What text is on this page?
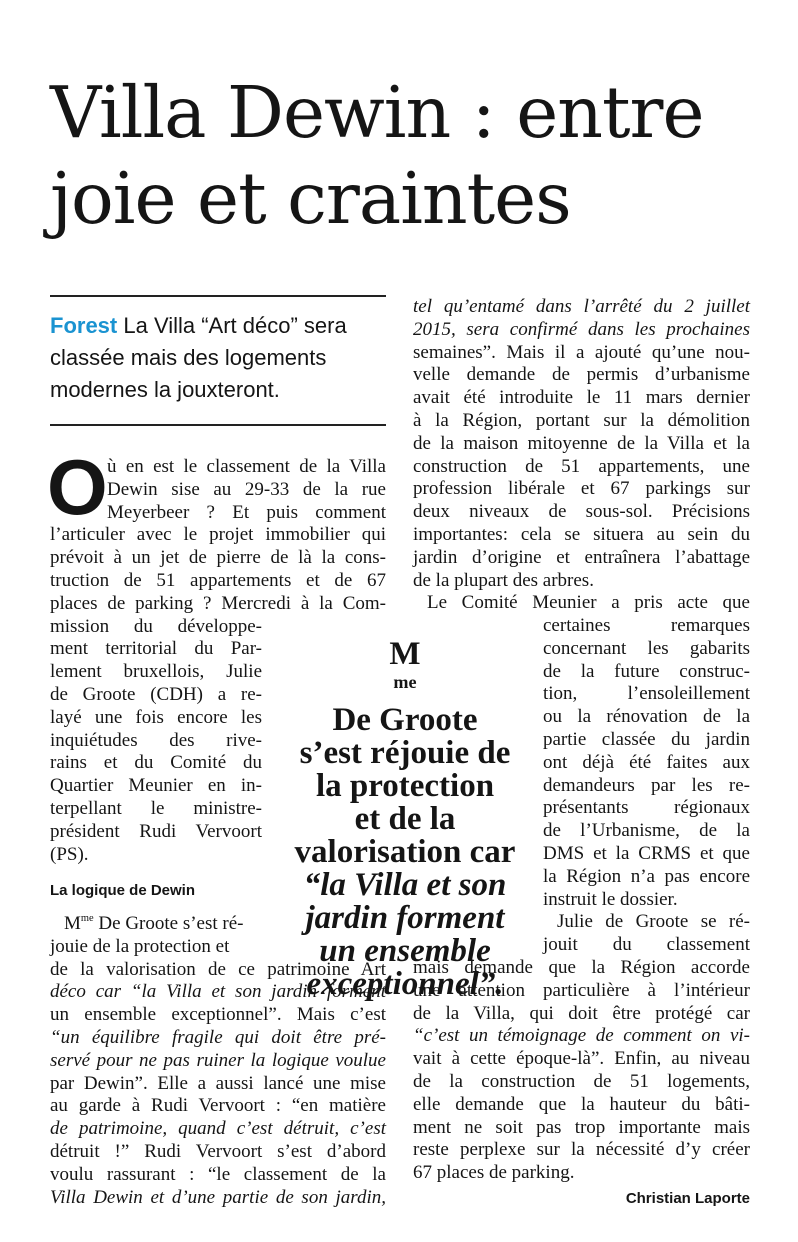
Villa Dewin : entre
joie et craintes
Forest La Villa “Art déco” sera
classée mais des logements
modernes la jouxteront.
O ù en est le classement de la Villa
Dewin sise au 29-33 de la rue
Meyerbeer ? Et puis comment
l’articuler avec le projet immobilier qui
prévoit à un jet de pierre de là la cons-
truction de 51 appartements et de 67
places de parking ? Mercredi à la Com-
mission du développe-
ment territorial du Par-
lement bruxellois, Julie
de Groote (CDH) a re-
layé une fois encore les
inquiétudes des rive-
rains et du Comité du
Quartier Meunier en in-
terpellant le ministre-
président Rudi Vervoort
(PS).
La logique de Dewin
$M^{me}$ De Groote s’est ré-
jouie de la protection et
de la valorisation de ce patrimoine Art
déco car “la Villa et son jardin forment
un ensemble exceptionnel”. Mais c’est
“un équilibre fragile qui doit être pré-
servé pour ne pas ruiner la logique voulue
par Dewin”. Elle a aussi lancé une mise
au garde à Rudi Vervoort : “en matière
de patrimoine, quand c’est détruit, c’est
détruit !” Rudi Vervoort s’est d’abord
voulu rassurant : “le classement de la
Villa Dewin et d’une partie de son jardin,
tel qu’entamé dans l’arrêté du 2 juillet
2015, sera confirmé dans les prochaines
semaines”. Mais il a ajouté qu’une nou-
velle demande de permis d’urbanisme
avait été introduite le 11 mars dernier
à la Région, portant sur la démolition
de la maison mitoyenne de la Villa et la
construction de 51 appartements, une
profession libérale et 67 parkings sur
deux niveaux de sous-sol. Précisions
importantes: cela se situera au sein du
jardin d’origine et entraînera l’abattage
de la plupart des arbres.
Le Comité Meunier a pris acte que
certaines remarques
concernant les gabarits
de la future construc-
tion, l’ensoleillement
ou la rénovation de la
partie classée du jardin
ont déjà été faites aux
demandeurs par les re-
présentants régionaux
de l’Urbanisme, de la
DMS et la CRMS et que
la Région n’a pas encore
instruit le dossier.
Julie de Groote se ré-
jouit du classement
mais demande que la Région accorde
une attention particulière à l’intérieur
de la Villa, qui doit être protégé car
“c’est un témoignage de comment on vi-
vait à cette époque-là”. Enfin, au niveau
de la construction de 51 logements,
elle demande que la hauteur du bâti-
ment ne soit pas trop importante mais
reste perplexe sur la nécessité d’y créer
67 places de parking.
Christian Laporte
M
$^{me}$
De Groote
s’est réjouie de
la protection
et de la
valorisation car
“la Villa et son
jardin forment
un ensemble
exceptionnel”.
